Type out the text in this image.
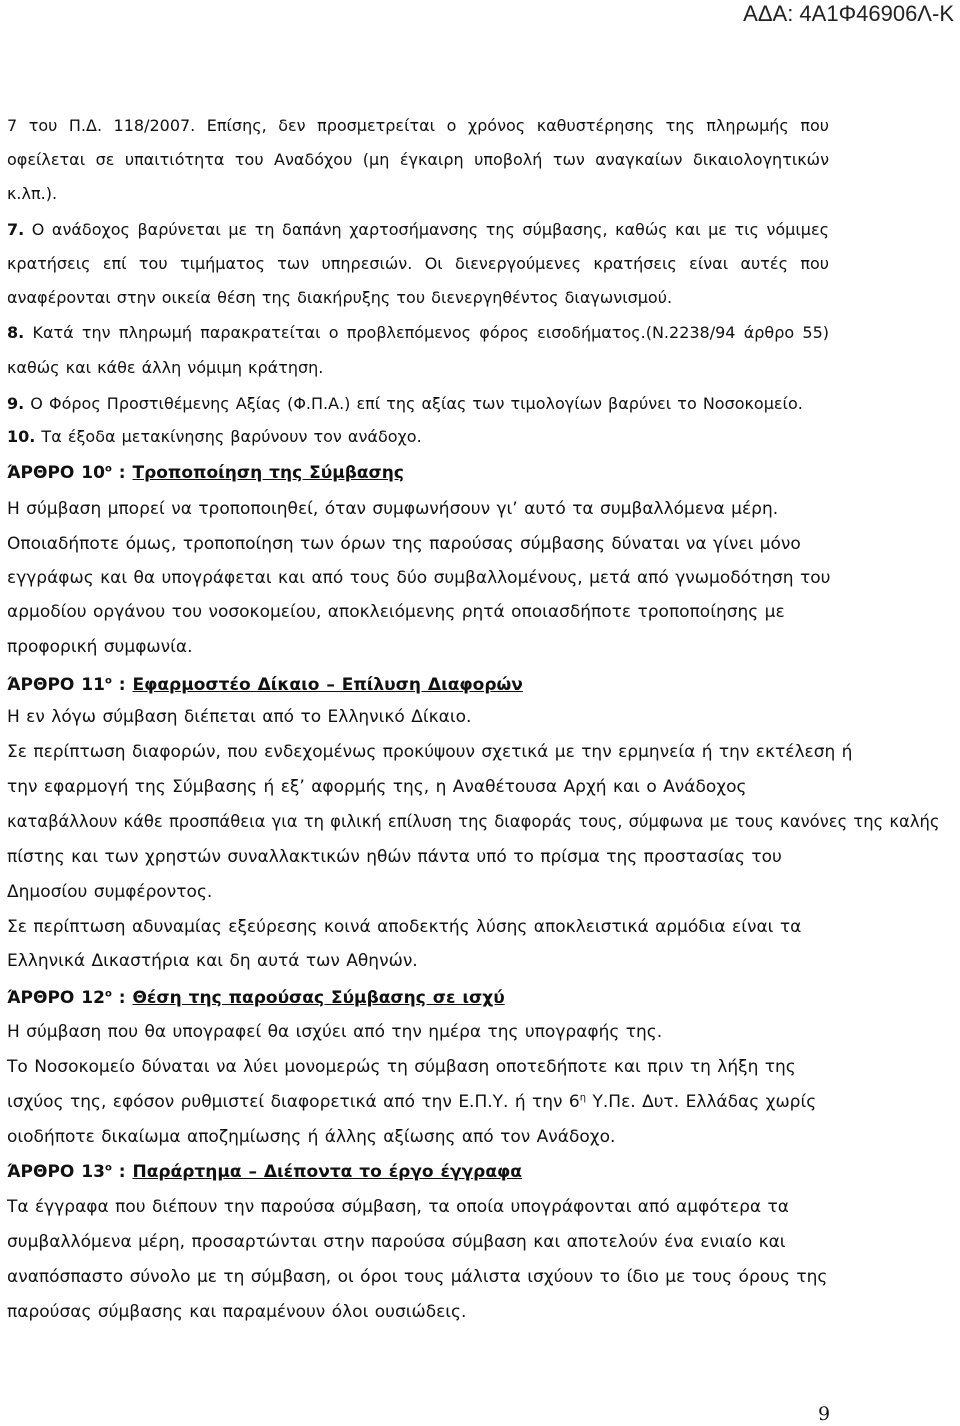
ΑΔΑ: 4Α1Φ46906Λ-Κ
7 του Π.Δ. 118/2007. Επίσης, δεν προσμετρείται ο χρόνος καθυστέρησης της πληρωμής που
οφείλεται σε υπαιτιότητα του Αναδόχου (μη έγκαιρη υποβολή των αναγκαίων δικαιολογητικών
κ.λπ.).
7. Ο ανάδοχος βαρύνεται με τη δαπάνη χαρτοσήμανσης της σύμβασης, καθώς και με τις νόμιμες
κρατήσεις επί του τιμήματος των υπηρεσιών. Οι διενεργούμενες κρατήσεις είναι αυτές που
αναφέρονται στην οικεία θέση της διακήρυξης του διενεργηθέντος διαγωνισμού.
8. Κατά την πληρωμή παρακρατείται ο προβλεπόμενος φόρος εισοδήματος.(Ν.2238/94 άρθρο 55)
καθώς και κάθε άλλη νόμιμη κράτηση.
9. Ο Φόρος Προστιθέμενης Αξίας (Φ.Π.Α.) επί της αξίας των τιμολογίων βαρύνει το Νοσοκομείο.
10. Τα έξοδα μετακίνησης βαρύνουν τον ανάδοχο.
ΆΡΘΡΟ $10^o$ : Τροποποίηση της Σύμβασης
Η σύμβαση μπορεί να τροποποιηθεί, όταν συμφωνήσουν γι’ αυτό τα συμβαλλόμενα μέρη.
Οποιαδήποτε όμως, τροποποίηση των όρων της παρούσας σύμβασης δύναται να γίνει μόνο
εγγράφως και θα υπογράφεται και από τους δύο συμβαλλομένους, μετά από γνωμοδότηση του
αρμοδίου οργάνου του νοσοκομείου, αποκλειόμενης ρητά οποιασδήποτε τροποποίησης με
προφορική συμφωνία.
ΆΡΘΡΟ $11^o$ : Εφαρμοστέο Δίκαιο – Επίλυση Διαφορών
Η εν λόγω σύμβαση διέπεται από το Ελληνικό Δίκαιο.
Σε περίπτωση διαφορών, που ενδεχομένως προκύψουν σχετικά με την ερμηνεία ή την εκτέλεση ή
την εφαρμογή της Σύμβασης ή εξ’ αφορμής της, η Αναθέτουσα Αρχή και ο Ανάδοχος
καταβάλλουν κάθε προσπάθεια για τη φιλική επίλυση της διαφοράς τους, σύμφωνα με τους κανόνες της καλής
πίστης και των χρηστών συναλλακτικών ηθών πάντα υπό το πρίσμα της προστασίας του
Δημοσίου συμφέροντος.
Σε περίπτωση αδυναμίας εξεύρεσης κοινά αποδεκτής λύσης αποκλειστικά αρμόδια είναι τα
Ελληνικά Δικαστήρια και δη αυτά των Αθηνών.
ΆΡΘΡΟ $12^o$ : Θέση της παρούσας Σύμβασης σε ισχύ
Η σύμβαση που θα υπογραφεί θα ισχύει από την ημέρα της υπογραφής της.
Το Νοσοκομείο δύναται να λύει μονομερώς τη σύμβαση οποτεδήποτε και πριν τη λήξη της
ισχύος της, εφόσον ρυθμιστεί διαφορετικά από την Ε.Π.Υ. ή την $6^\eta$ Υ.Πε. Δυτ. Ελλάδας χωρίς
οιοδήποτε δικαίωμα αποζημίωσης ή άλλης αξίωσης από τον Ανάδοχο.
ΆΡΘΡΟ $13^o$ : Παράρτημα – Διέποντα το έργο έγγραφα
Τα έγγραφα που διέπουν την παρούσα σύμβαση, τα οποία υπογράφονται από αμφότερα τα
συμβαλλόμενα μέρη, προσαρτώνται στην παρούσα σύμβαση και αποτελούν ένα ενιαίο και
αναπόσπαστο σύνολο με τη σύμβαση, οι όροι τους μάλιστα ισχύουν το ίδιο με τους όρους της
παρούσας σύμβασης και παραμένουν όλοι ουσιώδεις.
9
